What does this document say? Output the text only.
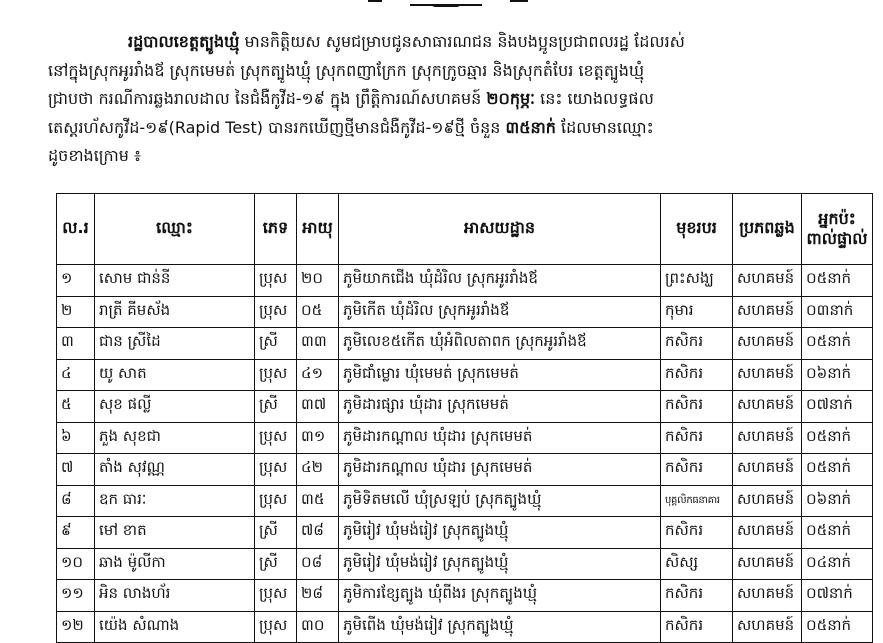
រដ្ឋបាលខេត្តត្បូងឃ្មុំ មានកិត្តិយស សូមជម្រាបជូនសាធារណជន និងបងប្អូនប្រជាពលរដ្ឋ ដែលរស់
នៅក្នុងស្រុកអូររាំងឪ ស្រុកមេមត់ ស្រុកត្បូងឃ្មុំ ស្រុកពញាក្រែក ស្រុកក្រូចឆ្មារ និងស្រុកតំបែរ ខេត្តត្បូងឃ្មុំ
ជ្រាបថា ករណីការឆ្លងរាលដាល នៃជំងឺកូវីដ-១៩ ក្នុង ព្រឹត្តិការណ៍សហគមន៍ ២០កុម្ភៈ នេះ យោងលទ្ធផល
តេស្តរហ័សកូវីដ-១៩(Rapid Test) បានរកឃើញថ្មីមានជំងឺកូវីដ-១៩ថ្មី ចំនួន ៣៥នាក់ ដែលមានឈ្មោះ
ដូចខាងក្រោម ៖
ល.រ	ឈ្មោះ	ភេទ	អាយុ	អាសយដ្ឋាន	មុខរបរ	ប្រភពឆ្លង	អ្នកប៉ះពាល់ផ្ទាល់
១	សោម ជាន់នី	ប្រុស	២០	ភូមិយាកជើង ឃុំដំរិល ស្រុកអូររាំងឪ	ព្រះសង្ឃ	សហគមន៍	០៥នាក់
២	រាត្រី គីមស័ង	ប្រុស	០៥	ភូមិកើត ឃុំដំរិល ស្រុកអូររាំងឪ	កុមារ	សហគមន៍	០៣នាក់
៣	ជាន ស្រីដៃ	ស្រី	៣៣	ភូមិលេខ៥កើត ឃុំអំពិលតាពក ស្រុកអូររាំងឪ	កសិករ	សហគមន៍	០៥នាក់
៤	យូ សាត	ប្រុស	៤១	ភូមិជាំម្លោរ ឃុំមេមត់ ស្រុកមេមត់	កសិករ	សហគមន៍	០៦នាក់
៥	សុខ ផល្លី	ស្រី	៣៧	ភូមិដារផ្សារ ឃុំដារ ស្រុកមេមត់	កសិករ	សហគមន៍	០៧នាក់
៦	ភួង សុខជា	ប្រុស	៣១	ភូមិដារកណ្តាល ឃុំដារ ស្រុកមេមត់	កសិករ	សហគមន៍	០៥នាក់
៧	តាំង សុវណ្ណ	ប្រុស	៤២	ភូមិដារកណ្តាល ឃុំដារ ស្រុកមេមត់	កសិករ	សហគមន៍	០៥នាក់
៨	ឧក ធារៈ	ប្រុស	៣៥	ភូមិទិតមលើ ឃុំស្រឡប់ ស្រុកត្បូងឃ្មុំ	បុគ្គលិកធនាគារ	សហគមន៍	០៦នាក់
៩	មៅ ខាត	ស្រី	៧៨	ភូមិរៀវ ឃុំមង់រៀវ ស្រុកត្បូងឃ្មុំ	កសិករ	សហគមន៍	០៥នាក់
១០	ឆាង ម៉ូលីកា	ស្រី	០៨	ភូមិរៀវ ឃុំមង់រៀវ ស្រុកត្បូងឃ្មុំ	សិស្ស	សហគមន៍	០៤នាក់
១១	អិន លាងហ័រ	ប្រុស	២៨	ភូមិការខ្សែត្បូង ឃុំពីងរ ស្រុកត្បូងឃ្មុំ	កសិករ	សហគមន៍	០៧នាក់
១២	យ៉េង សំណាង	ប្រុស	៣០	ភូមិពើង ឃុំមង់រៀវ ស្រុកត្បូងឃ្មុំ	កសិករ	សហគមន៍	០៥នាក់
